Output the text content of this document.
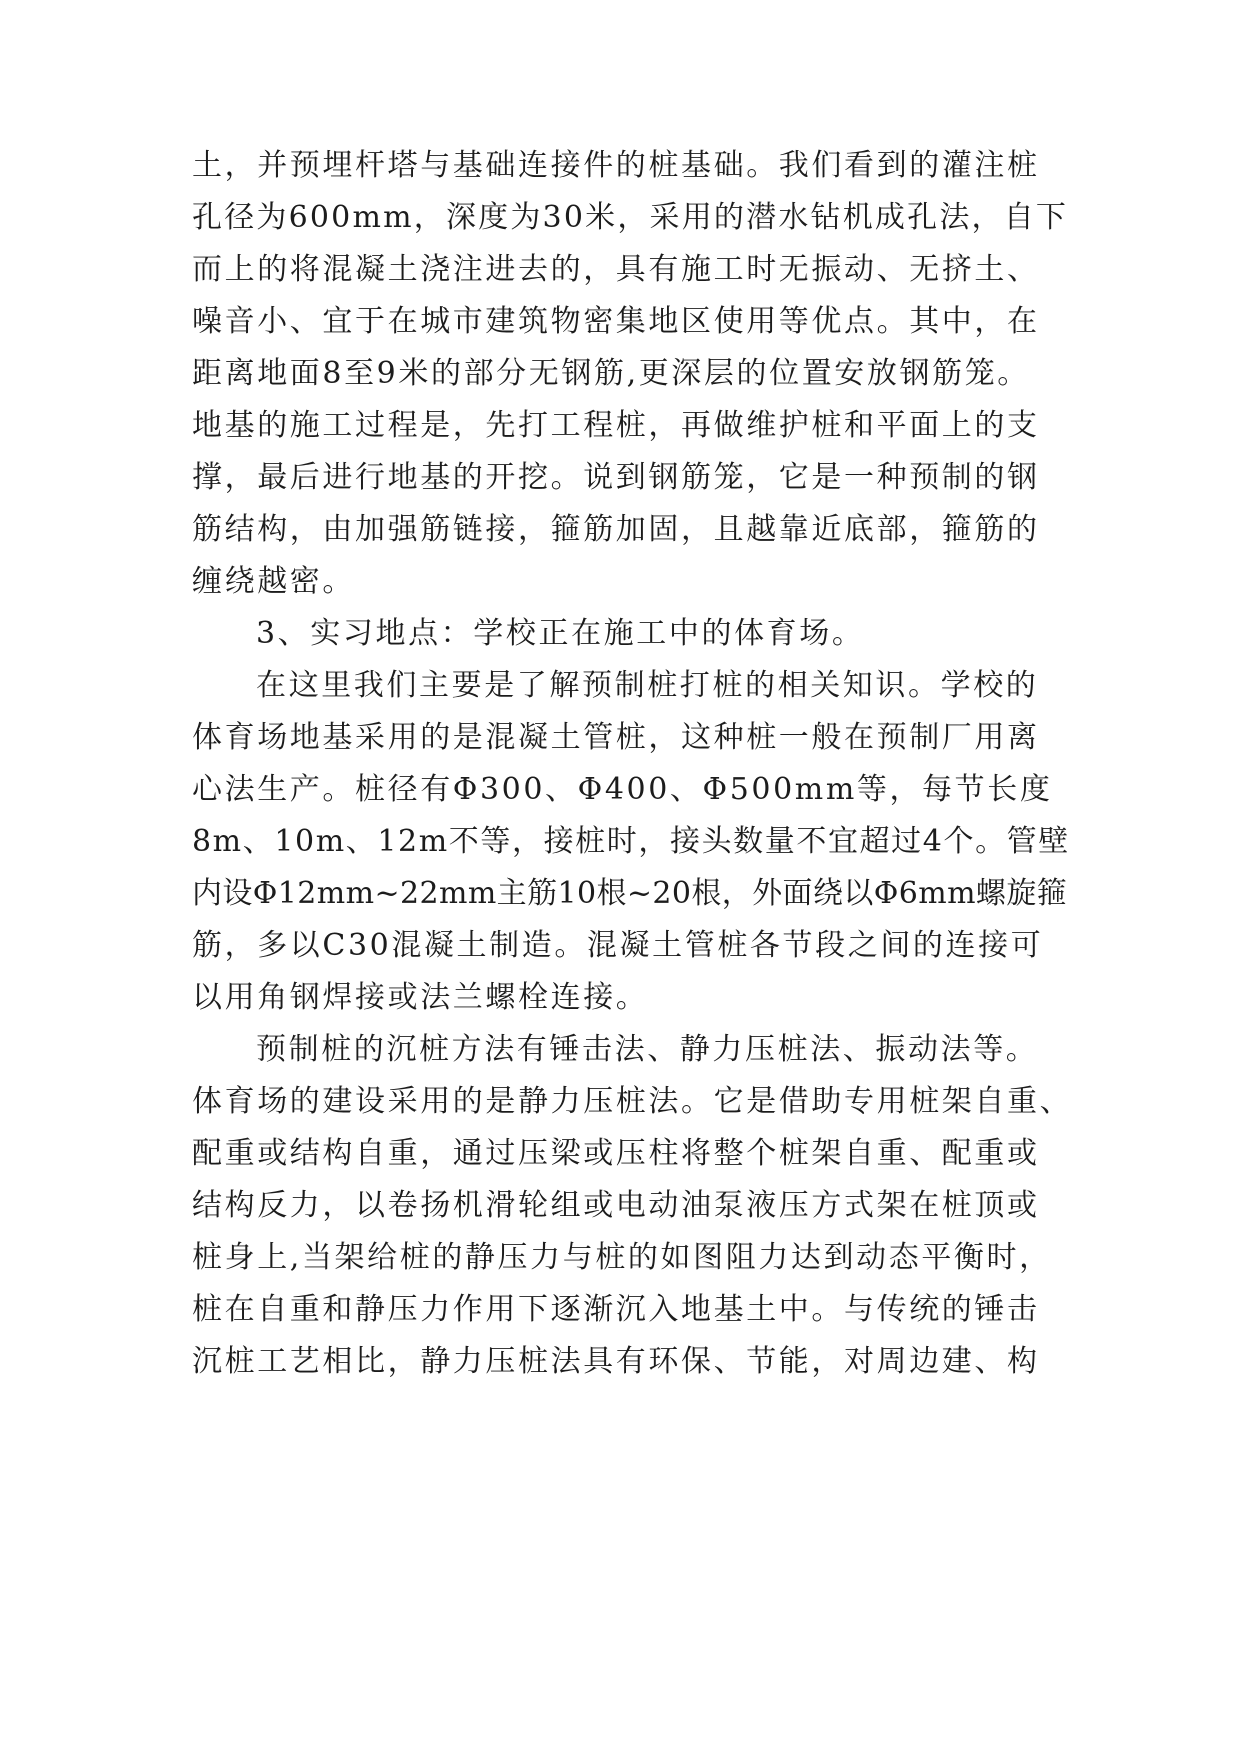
土，并预埋杆塔与基础连接件的桩基础。我们看到的灌注桩
孔径为600mm，深度为30米，采用的潜水钻机成孔法，自下
而上的将混凝土浇注进去的，具有施工时无振动、无挤土、
噪音小、宜于在城市建筑物密集地区使用等优点。其中，在
距离地面8至9米的部分无钢筋,更深层的位置安放钢筋笼。
地基的施工过程是，先打工程桩，再做维护桩和平面上的支
撑，最后进行地基的开挖。说到钢筋笼，它是一种预制的钢
筋结构，由加强筋链接，箍筋加固，且越靠近底部，箍筋的
缠绕越密。
3、实习地点：学校正在施工中的体育场。
在这里我们主要是了解预制桩打桩的相关知识。学校的
体育场地基采用的是混凝土管桩，这种桩一般在预制厂用离
心法生产。桩径有Φ300、Φ400、Φ500mm等，每节长度
8m、10m、12m不等，接桩时，接头数量不宜超过4个。管壁
内设Φ12mm~22mm主筋10根~20根，外面绕以Φ6mm螺旋箍
筋，多以C30混凝土制造。混凝土管桩各节段之间的连接可
以用角钢焊接或法兰螺栓连接。
预制桩的沉桩方法有锤击法、静力压桩法、振动法等。
体育场的建设采用的是静力压桩法。它是借助专用桩架自重、
配重或结构自重，通过压梁或压柱将整个桩架自重、配重或
结构反力，以卷扬机滑轮组或电动油泵液压方式架在桩顶或
桩身上,当架给桩的静压力与桩的如图阻力达到动态平衡时，
桩在自重和静压力作用下逐渐沉入地基土中。与传统的锤击
沉桩工艺相比，静力压桩法具有环保、节能，对周边建、构
